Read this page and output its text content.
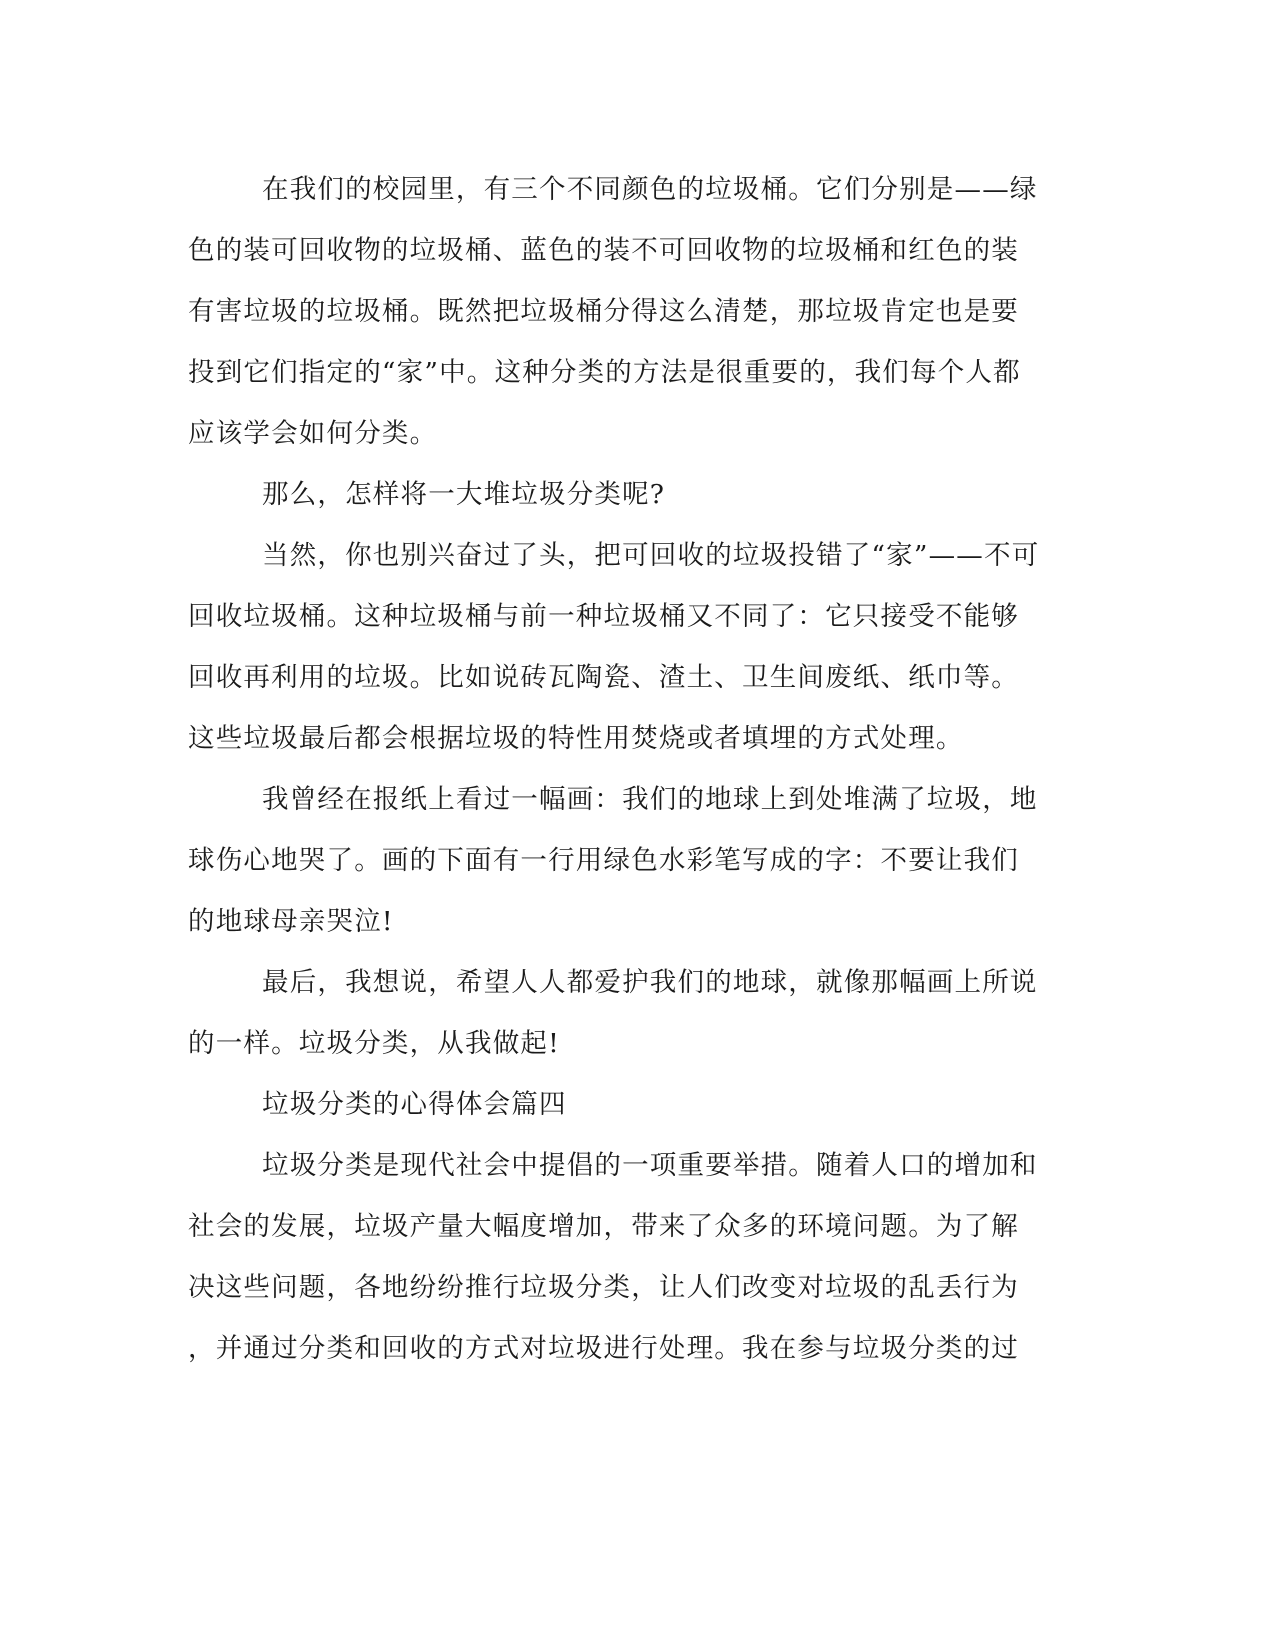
在我们的校园里，有三个不同颜色的垃圾桶。它们分别是——绿
色的装可回收物的垃圾桶、蓝色的装不可回收物的垃圾桶和红色的装
有害垃圾的垃圾桶。既然把垃圾桶分得这么清楚，那垃圾肯定也是要
投到它们指定的“家”中。这种分类的方法是很重要的，我们每个人都
应该学会如何分类。
那么，怎样将一大堆垃圾分类呢?
当然，你也别兴奋过了头，把可回收的垃圾投错了“家”——不可
回收垃圾桶。这种垃圾桶与前一种垃圾桶又不同了：它只接受不能够
回收再利用的垃圾。比如说砖瓦陶瓷、渣土、卫生间废纸、纸巾等。
这些垃圾最后都会根据垃圾的特性用焚烧或者填埋的方式处理。
我曾经在报纸上看过一幅画：我们的地球上到处堆满了垃圾，地
球伤心地哭了。画的下面有一行用绿色水彩笔写成的字：不要让我们
的地球母亲哭泣!
最后，我想说，希望人人都爱护我们的地球，就像那幅画上所说
的一样。垃圾分类，从我做起!
垃圾分类的心得体会篇四
垃圾分类是现代社会中提倡的一项重要举措。随着人口的增加和
社会的发展，垃圾产量大幅度增加，带来了众多的环境问题。为了解
决这些问题，各地纷纷推行垃圾分类，让人们改变对垃圾的乱丢行为
，并通过分类和回收的方式对垃圾进行处理。我在参与垃圾分类的过
